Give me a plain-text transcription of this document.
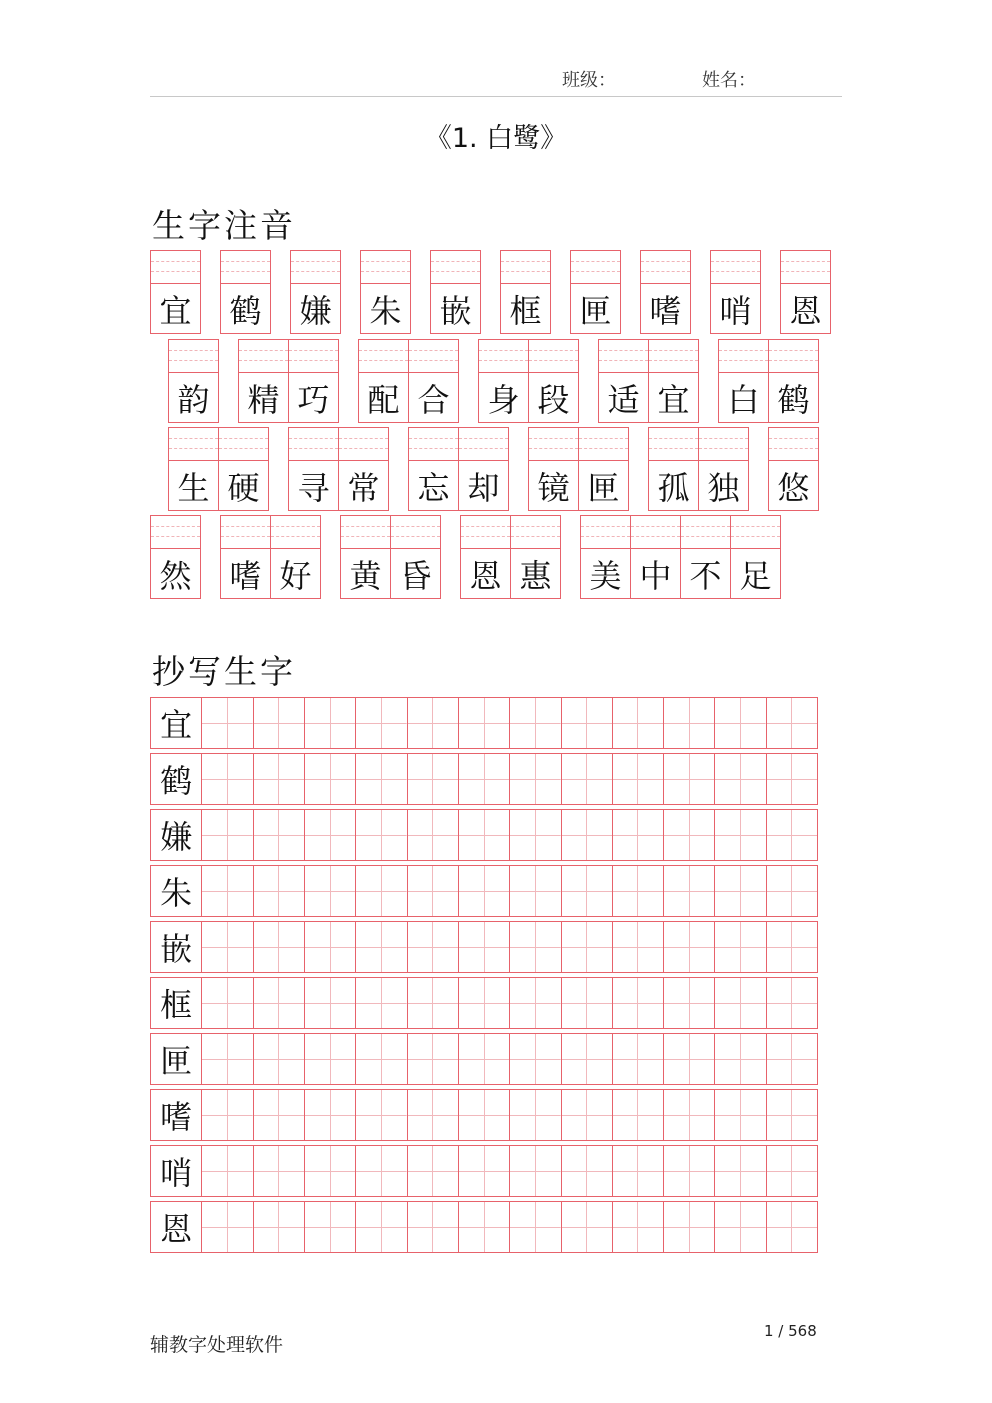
班级：	姓名：
《1. 白鹭》
生字注音
宜 鹤 嫌 朱 嵌 框 匣 嗜 哨 恩
韵 精 巧 配 合 身 段 适 宜 白 鹤
生 硬 寻 常 忘 却 镜 匣 孤 独 悠
然 嗜 好 黄 昏 恩 惠 美 中 不 足
抄写生字
宜
鹤
嫌
朱
嵌
框
匣
嗜
哨
恩
辅教字处理软件
1 / 568
